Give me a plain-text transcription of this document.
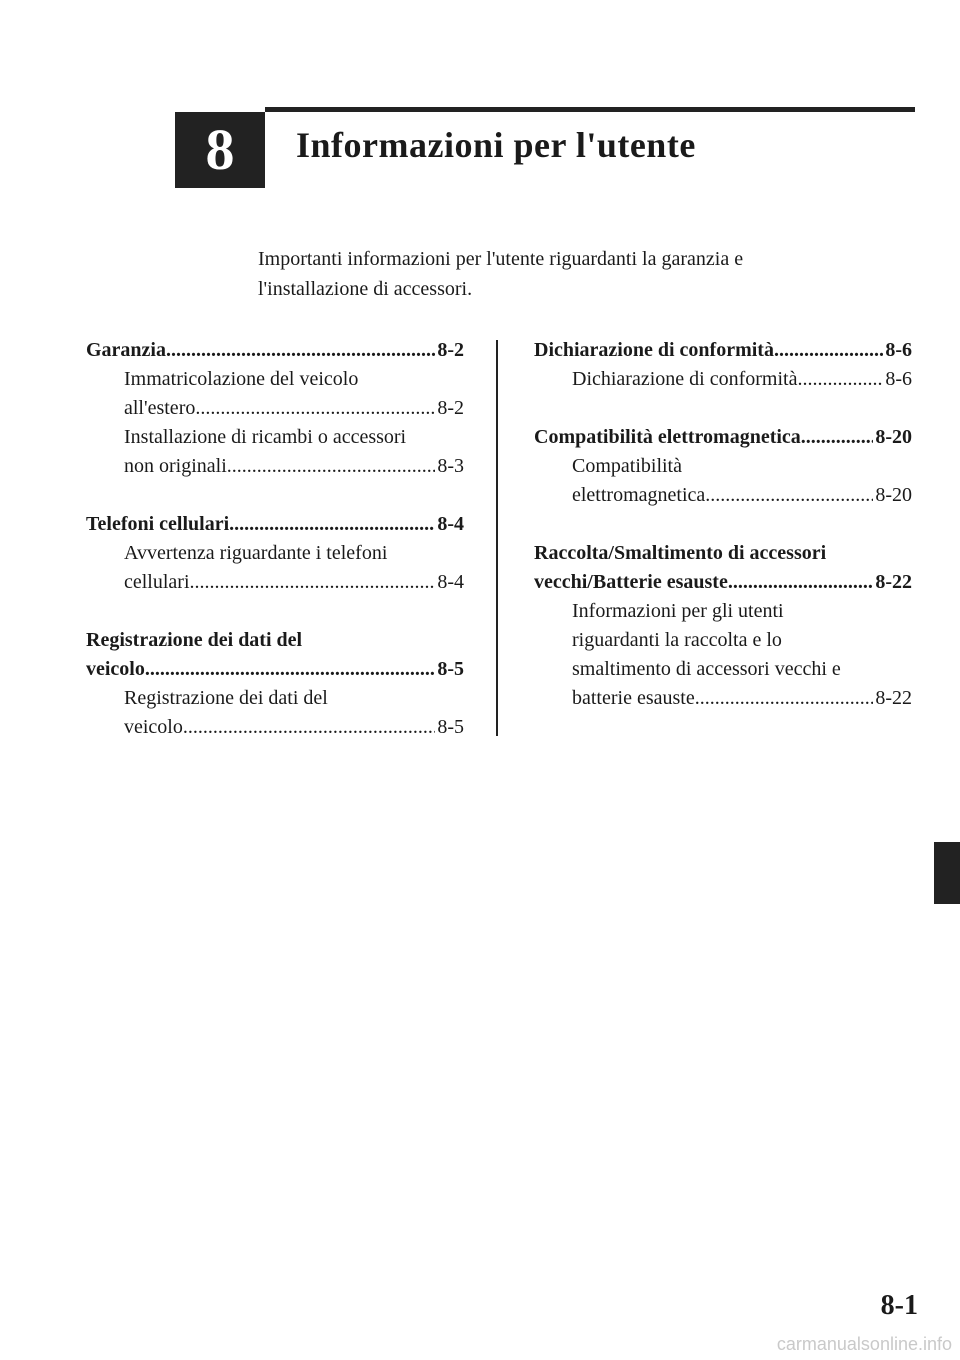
8 Informazioni per l'utente
Importanti informazioni per l'utente riguardanti la garanzia e
l'installazione di accessori.
Garanzia .....	8-2
Immatricolazione del veicolo
all'estero .....	8-2
Installazione di ricambi o accessori
non originali .....	8-3
Telefoni cellulari .....	8-4
Avvertenza riguardante i telefoni
cellulari .....	8-4
Registrazione dei dati del
veicolo .....	8-5
Registrazione dei dati del
veicolo .....	8-5
Dichiarazione di conformità .....	8-6
Dichiarazione di conformità .....	8-6
Compatibilità elettromagnetica .....	8-20
Compatibilità
elettromagnetica .....	8-20
Raccolta/Smaltimento di accessori
vecchi/Batterie esauste .....	8-22
Informazioni per gli utenti
riguardanti la raccolta e lo
smaltimento di accessori vecchi e
batterie esauste .....	8-22
8-1
carmanualsonline.info
